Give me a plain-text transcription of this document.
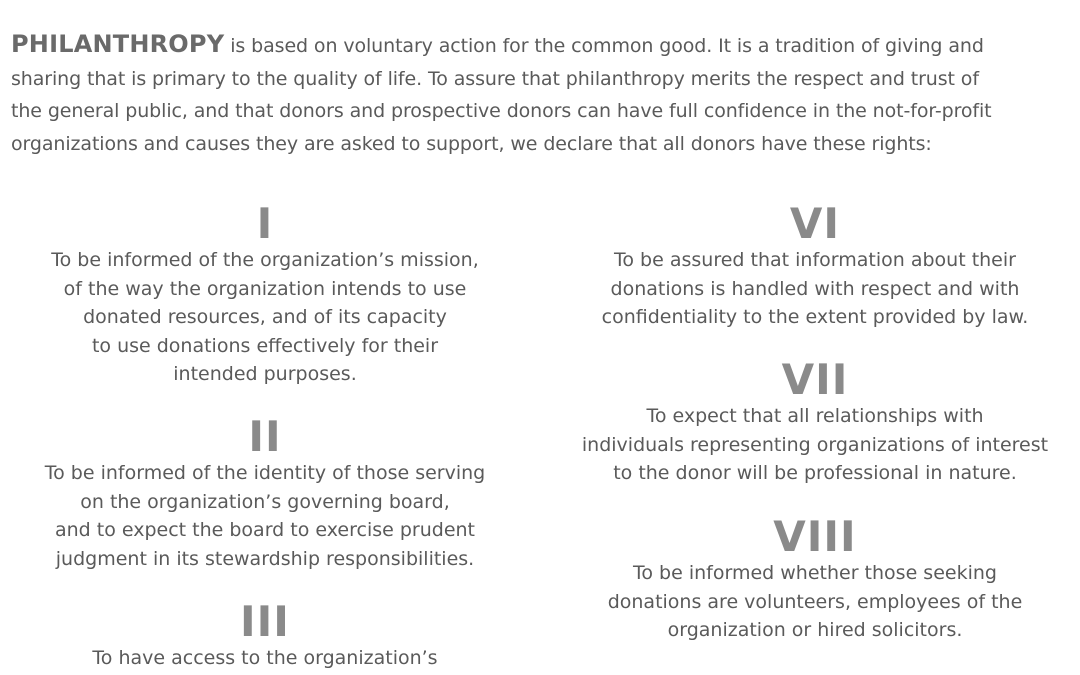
PHILANTHROPY is based on voluntary action for the common good. It is a tradition of giving and
sharing that is primary to the quality of life. To assure that philanthropy merits the respect and trust of
the general public, and that donors and prospective donors can have full confidence in the not-for-profit
organizations and causes they are asked to support, we declare that all donors have these rights:
I
To be informed of the organization’s mission,
of the way the organization intends to use
donated resources, and of its capacity
to use donations effectively for their
intended purposes.
II
To be informed of the identity of those serving
on the organization’s governing board,
and to expect the board to exercise prudent
judgment in its stewardship responsibilities.
III
To have access to the organization’s
VI
To be assured that information about their
donations is handled with respect and with
confidentiality to the extent provided by law.
VII
To expect that all relationships with
individuals representing organizations of interest
to the donor will be professional in nature.
VIII
To be informed whether those seeking
donations are volunteers, employees of the
organization or hired solicitors.
